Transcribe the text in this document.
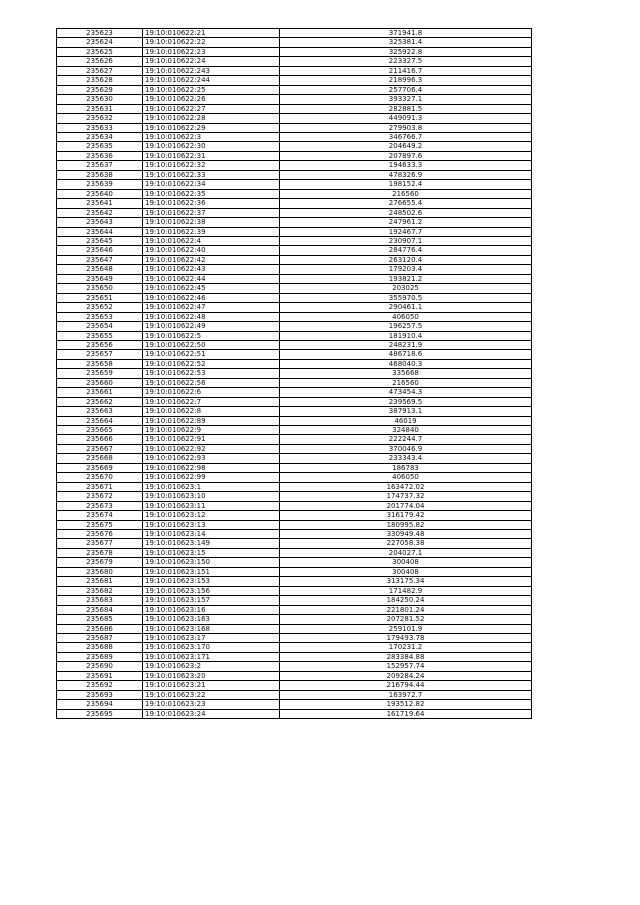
235623	19:10:010622:21	371941.8
235624	19:10:010622:22	325381.4
235625	19:10:010622:23	325922.8
235626	19:10:010622:24	223327.5
235627	19:10:010622:243	211416.7
235628	19:10:010622:244	218996.3
235629	19:10:010622:25	257706.4
235630	19:10:010622:26	393327.1
235631	19:10:010622:27	282881.5
235632	19:10:010622:28	449091.3
235633	19:10:010622:29	279903.8
235634	19:10:010622:3	346766.7
235635	19:10:010622:30	204649.2
235636	19:10:010622:31	207897.6
235637	19:10:010622:32	194633.3
235638	19:10:010622:33	478326.9
235639	19:10:010622:34	198152.4
235640	19:10:010622:35	216560
235641	19:10:010622:36	276655.4
235642	19:10:010622:37	248502.6
235643	19:10:010622:38	247961.2
235644	19:10:010622:39	192467.7
235645	19:10:010622:4	230907.1
235646	19:10:010622:40	284776.4
235647	19:10:010622:42	263120.4
235648	19:10:010622:43	179203.4
235649	19:10:010622:44	193821.2
235650	19:10:010622:45	203025
235651	19:10:010622:46	355970.5
235652	19:10:010622:47	290461.1
235653	19:10:010622:48	406050
235654	19:10:010622:49	196257.5
235655	19:10:010622:5	181910.4
235656	19:10:010622:50	248231.9
235657	19:10:010622:51	486718.6
235658	19:10:010622:52	468040.3
235659	19:10:010622:53	335668
235660	19:10:010622:56	216560
235661	19:10:010622:6	473454.3
235662	19:10:010622:7	239569.5
235663	19:10:010622:8	387913.1
235664	19:10:010622:89	46019
235665	19:10:010622:9	324840
235666	19:10:010622:91	222244.7
235667	19:10:010622:92	370046.9
235668	19:10:010622:93	233343.4
235669	19:10:010622:98	186783
235670	19:10:010622:99	406050
235671	19:10:010623:1	163472.02
235672	19:10:010623:10	174737.32
235673	19:10:010623:11	201774.04
235674	19:10:010623:12	316179.42
235675	19:10:010623:13	180995.82
235676	19:10:010623:14	330949.48
235677	19:10:010623:149	227058.38
235678	19:10:010623:15	204027.1
235679	19:10:010623:150	300408
235680	19:10:010623:151	300408
235681	19:10:010623:153	313175.34
235682	19:10:010623:156	171482.9
235683	19:10:010623:157	184250.24
235684	19:10:010623:16	221801.24
235685	19:10:010623:163	207281.52
235686	19:10:010623:168	259101.9
235687	19:10:010623:17	179493.78
235688	19:10:010623:170	170231.2
235689	19:10:010623:171	283384.88
235690	19:10:010623:2	152957.74
235691	19:10:010623:20	209284.24
235692	19:10:010623:21	216794.44
235693	19:10:010623:22	163972.7
235694	19:10:010623:23	193512.82
235695	19:10:010623:24	161719.64
